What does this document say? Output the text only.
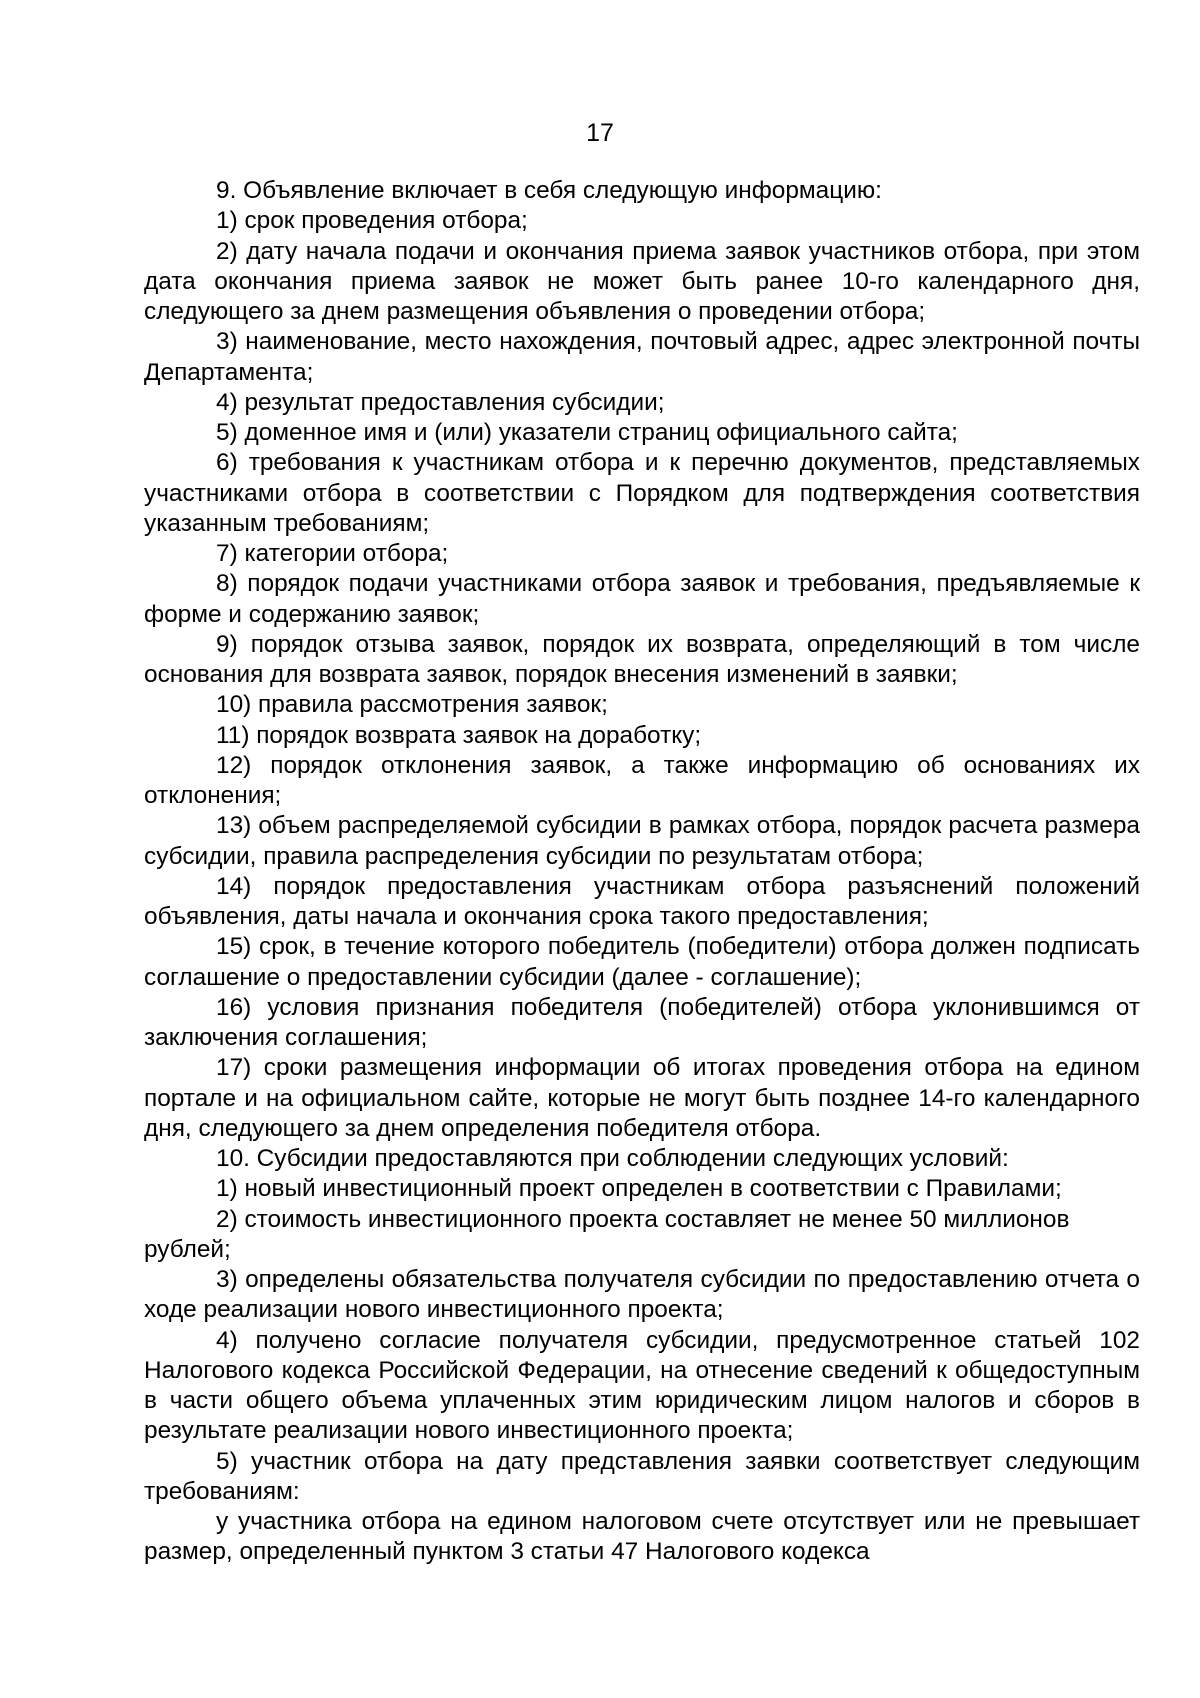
17

9. Объявление включает в себя следующую информацию:

1) срок проведения отбора;

2) дату начала подачи и окончания приема заявок участников отбора, при этом дата окончания приема заявок не может быть ранее 10-го календарного дня, следующего за днем размещения объявления о проведении отбора;

3) наименование, место нахождения, почтовый адрес, адрес электронной почты Департамента;

4) результат предоставления субсидии;

5) доменное имя и (или) указатели страниц официального сайта;

6) требования к участникам отбора и к перечню документов, представляемых участниками отбора в соответствии с Порядком для подтверждения соответствия указанным требованиям;

7) категории отбора;

8) порядок подачи участниками отбора заявок и требования, предъявляемые к форме и содержанию заявок;

9) порядок отзыва заявок, порядок их возврата, определяющий в том числе основания для возврата заявок, порядок внесения изменений в заявки;

10) правила рассмотрения заявок;

11) порядок возврата заявок на доработку;

12) порядок отклонения заявок, а также информацию об основаниях их отклонения;

13) объем распределяемой субсидии в рамках отбора, порядок расчета размера субсидии, правила распределения субсидии по результатам отбора;

14) порядок предоставления участникам отбора разъяснений положений объявления, даты начала и окончания срока такого предоставления;

15) срок, в течение которого победитель (победители) отбора должен подписать соглашение о предоставлении субсидии (далее - соглашение);

16) условия признания победителя (победителей) отбора уклонившимся от заключения соглашения;

17) сроки размещения информации об итогах проведения отбора на едином портале и на официальном сайте, которые не могут быть позднее 14-го календарного дня, следующего за днем определения победителя отбора.

10. Субсидии предоставляются при соблюдении следующих условий:

1) новый инвестиционный проект определен в соответствии с Правилами;

2) стоимость инвестиционного проекта составляет не менее 50 миллионов рублей;

3) определены обязательства получателя субсидии по предоставлению отчета о ходе реализации нового инвестиционного проекта;

4) получено согласие получателя субсидии, предусмотренное статьей 102 Налогового кодекса Российской Федерации, на отнесение сведений к общедоступным в части общего объема уплаченных этим юридическим лицом налогов и сборов в результате реализации нового инвестиционного проекта;

5) участник отбора на дату представления заявки соответствует следующим требованиям:

у участника отбора на едином налоговом счете отсутствует или не превышает размер, определенный пунктом 3 статьи 47 Налогового кодекса
